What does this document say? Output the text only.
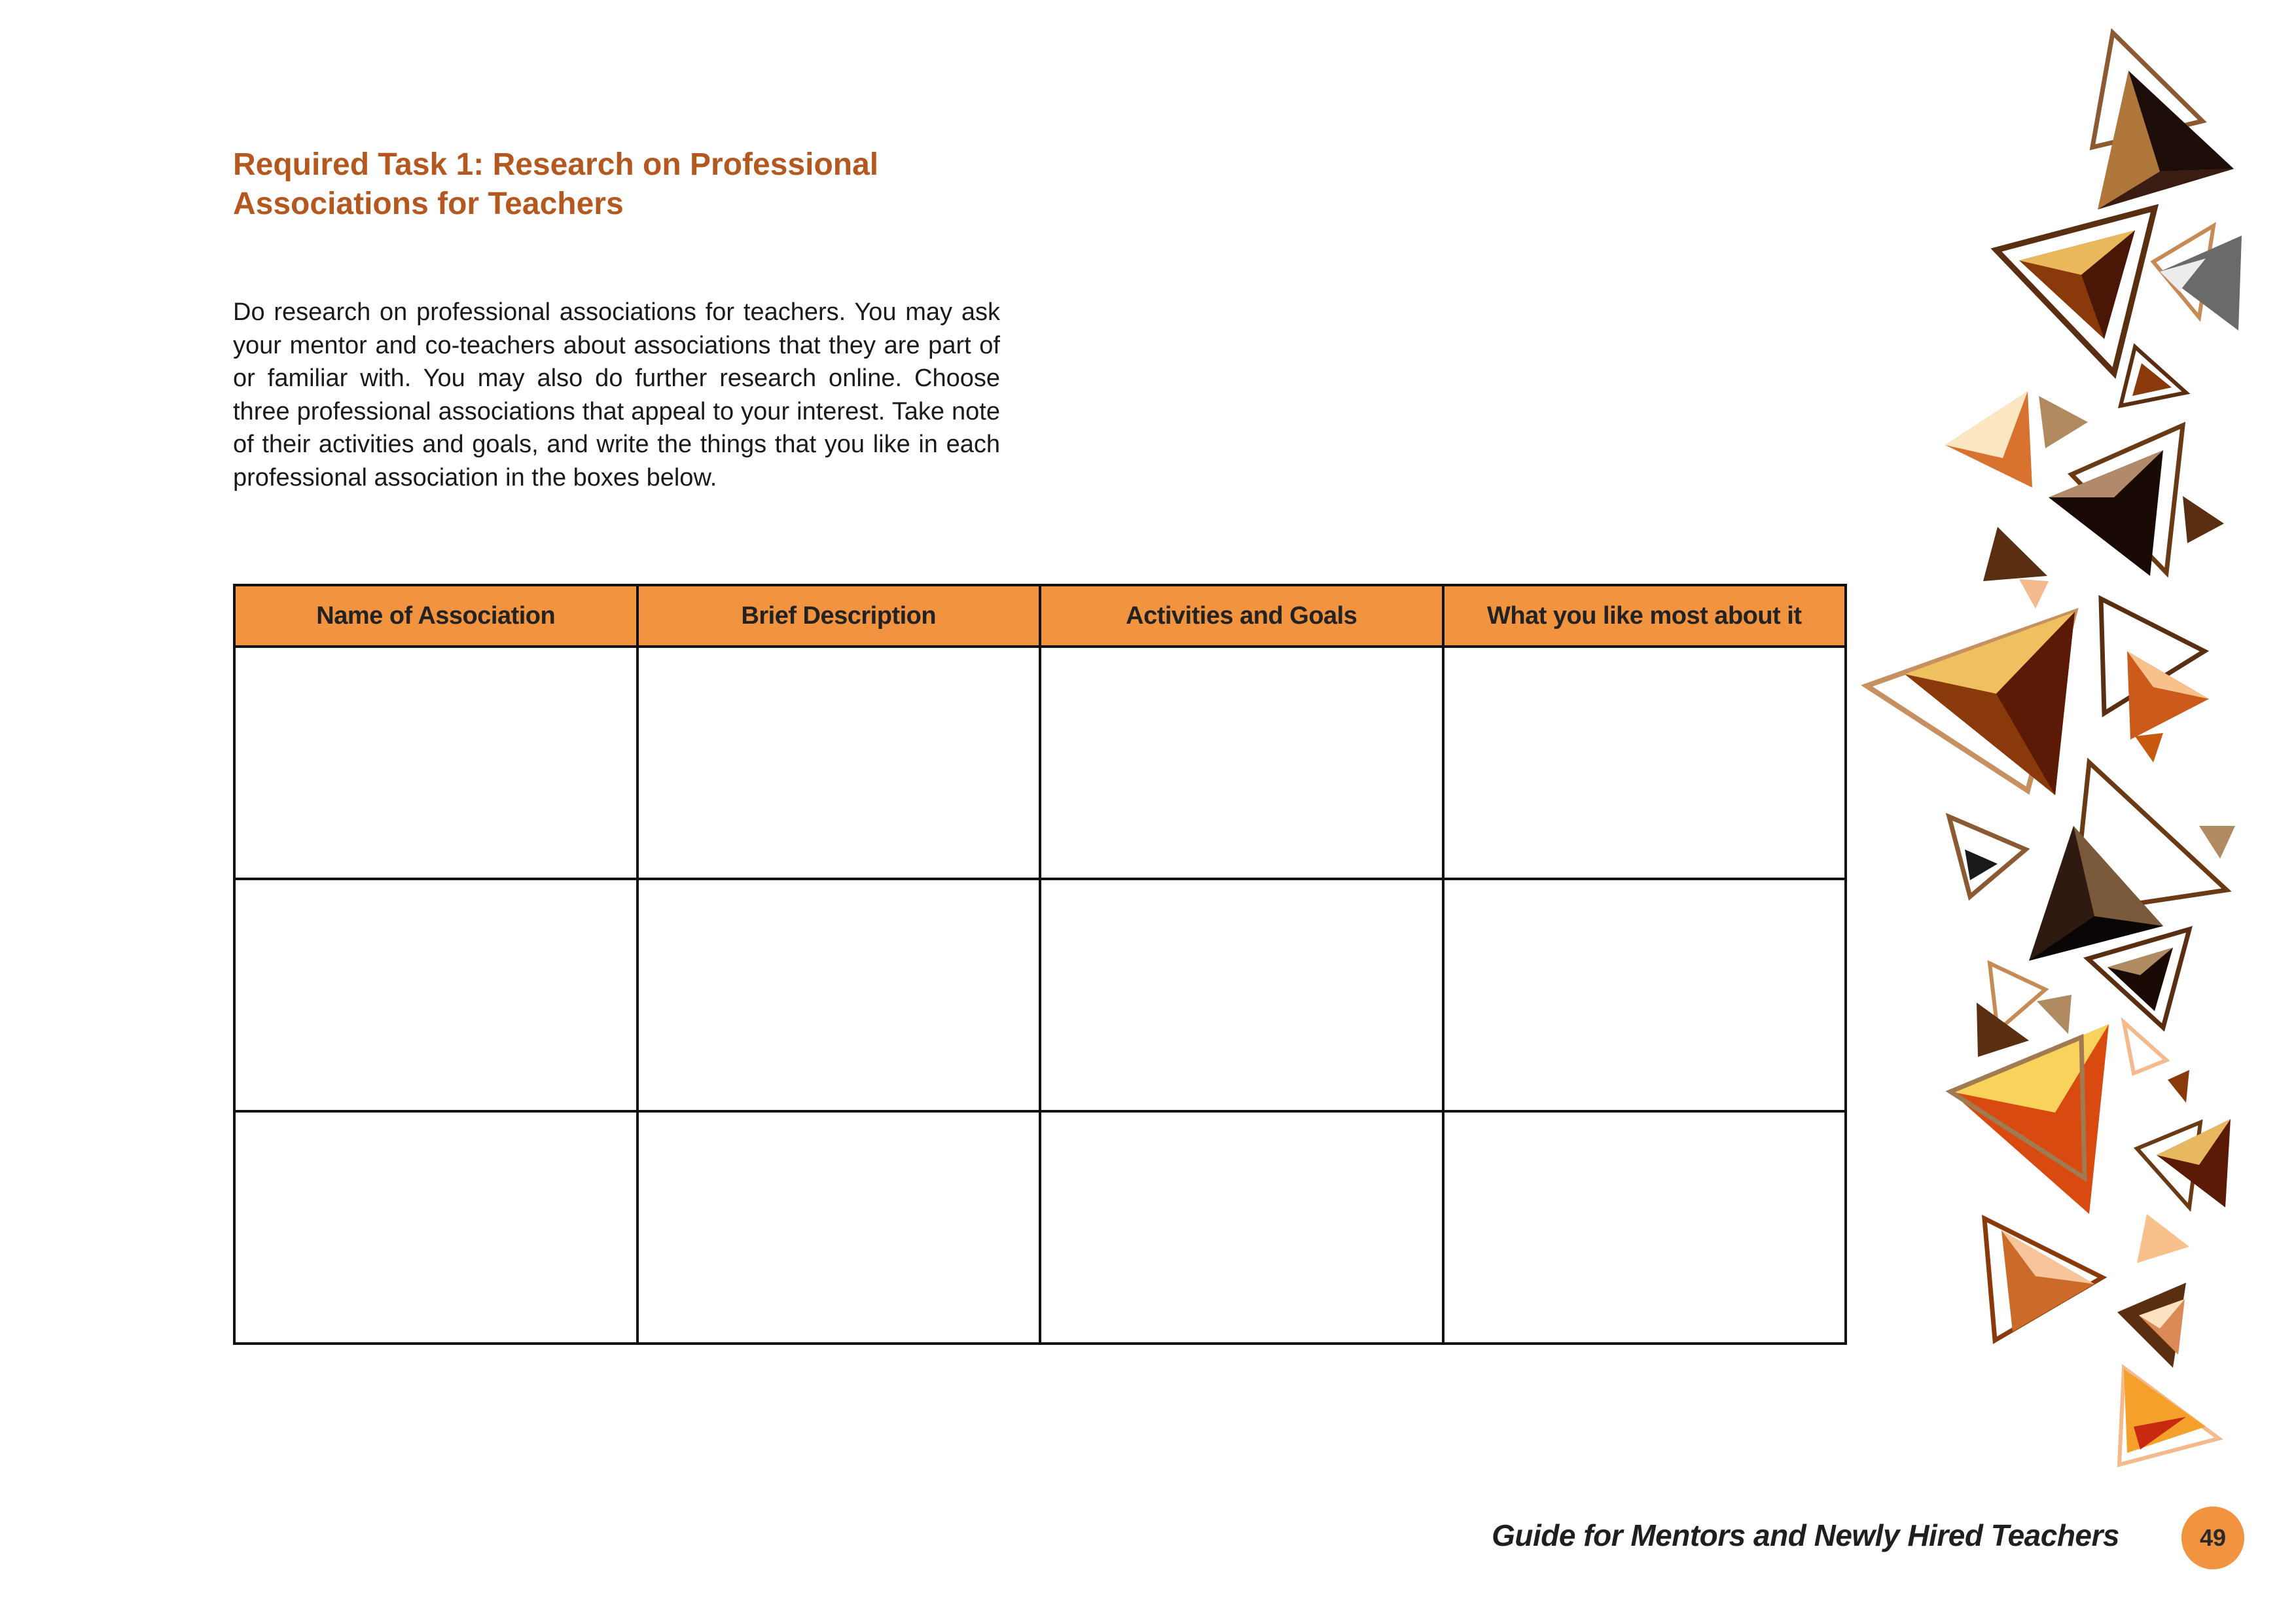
Required Task 1: Research on Professional
Associations for Teachers

Do research on professional associations for teachers. You may ask your mentor and co-teachers about associations that they are part of or familiar with. You may also do further research online. Choose three professional associations that appeal to your interest. Take note of their activities and goals, and write the things that you like in each professional association in the boxes below.

Name of Association	Brief Description	Activities and Goals	What you like most about it

Guide for Mentors and Newly Hired Teachers	49
